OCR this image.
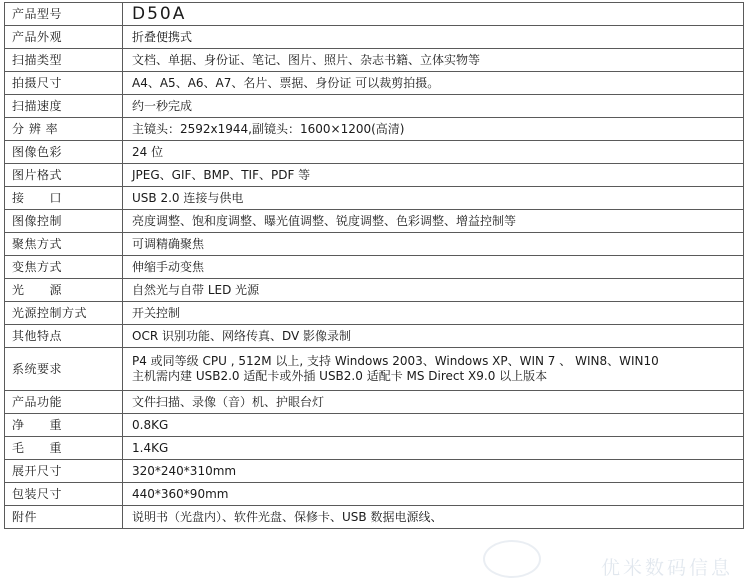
产品型号	D50A
产品外观	折叠便携式
扫描类型	文档、单据、身份证、笔记、图片、照片、杂志书籍、立体实物等
拍摄尺寸	A4、A5、A6、A7、名片、票据、身份证 可以裁剪拍摄。
扫描速度	约一秒完成
分 辨 率	主镜头：2592x1944,副镜头：1600×1200(高清)
图像色彩	24 位
图片格式	JPEG、GIF、BMP、TIF、PDF 等
接　　口	USB 2.0 连接与供电
图像控制	亮度调整、饱和度调整、曝光值调整、锐度调整、色彩调整、增益控制等
聚焦方式	可调精确聚焦
变焦方式	伸缩手动变焦
光　　源	自然光与自带 LED 光源
光源控制方式	开关控制
其他特点	OCR 识别功能、网络传真、DV 影像录制
系统要求	P4 或同等级 CPU , 512M 以上, 支持 Windows 2003、Windows XP、WIN 7 、 WIN8、WIN10
主机需内建 USB2.0 适配卡或外插 USB2.0 适配卡 MS Direct X9.0 以上版本

产品功能	文件扫描、录像（音）机、护眼台灯
净　　重	0.8KG
毛　　重	1.4KG
展开尺寸	320*240*310mm
包装尺寸	440*360*90mm
附件	说明书（光盘内）、软件光盘、保修卡、USB 数据电源线、
优米数码信息
